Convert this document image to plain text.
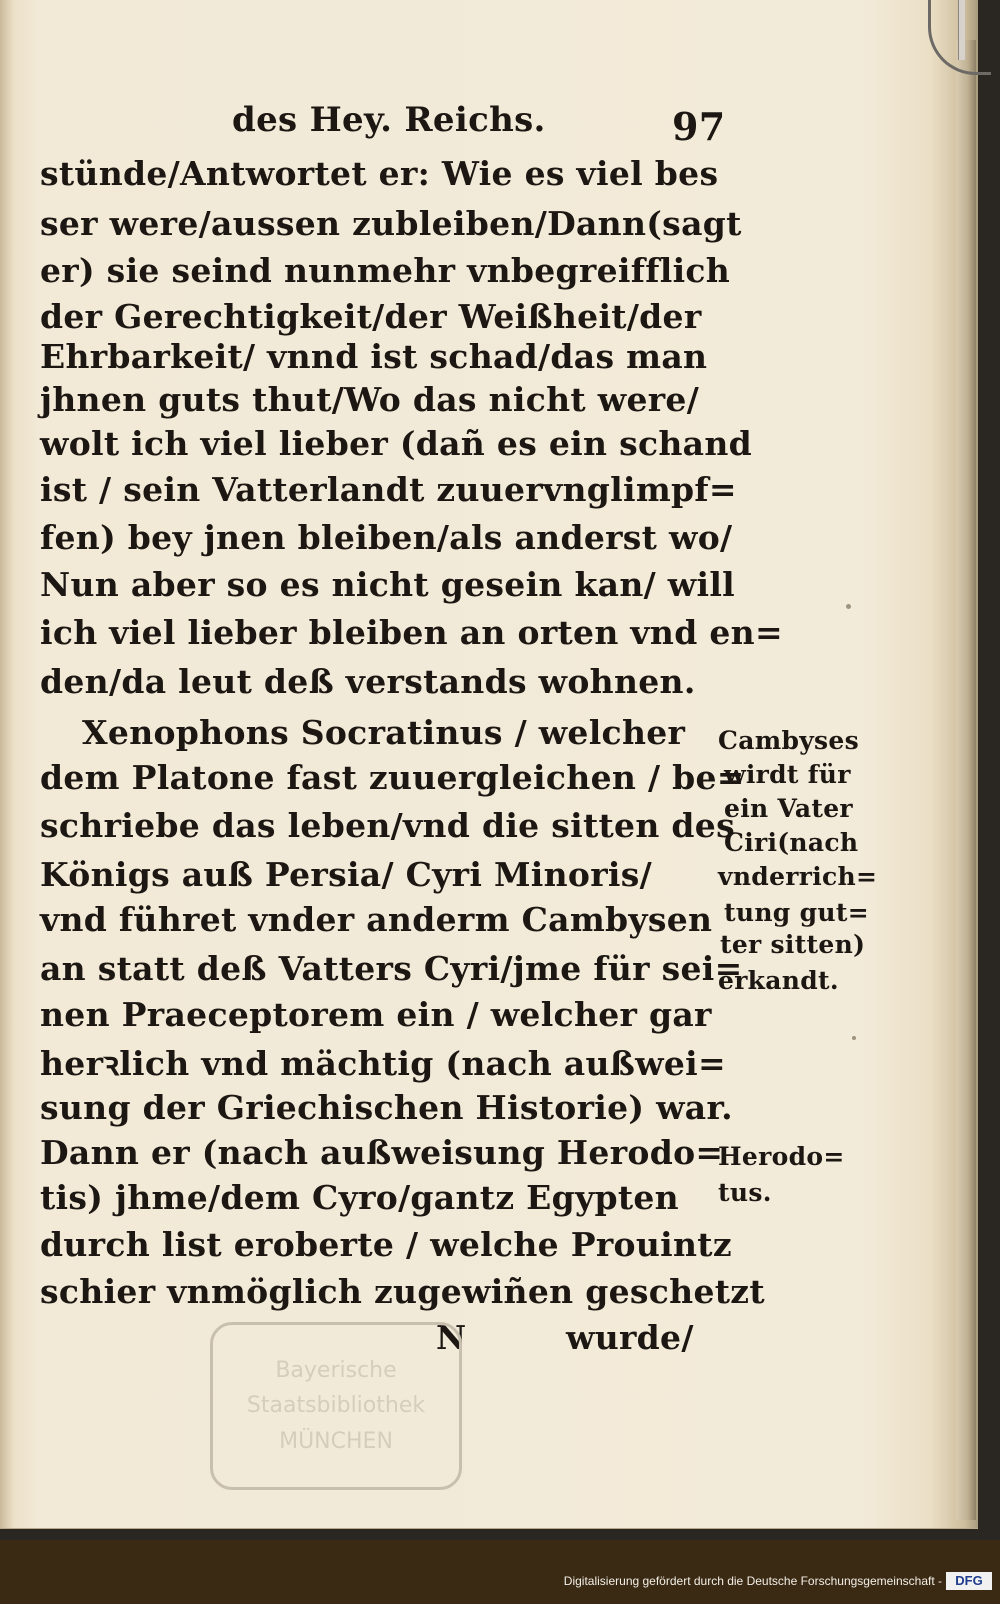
des Hey. Reichs.	97
stünde/Antwortet er: Wie es viel bes
ser were/aussen zubleiben/Dann(sagt
er) sie seind nunmehr vnbegreifflich
der Gerechtigkeit/der Weißheit/der
Ehrbarkeit/ vnnd ist schad/das man
jhnen guts thut/Wo das nicht were/
wolt ich viel lieber (dañ es ein schand
ist / sein Vatterlandt zuuervnglimpf=
fen) bey jnen bleiben/als anderst wo/
Nun aber so es nicht gesein kan/ will
ich viel lieber bleiben an orten vnd en=
den/da leut deß verstands wohnen.
Xenophons Socratinus / welcher
dem Platone fast zuuergleichen / be=
schriebe das leben/vnd die sitten des
Königs auß Persia/ Cyri Minoris/
vnd führet vnder anderm Cambysen
an statt deß Vatters Cyri/jme für sei=
nen Praeceptorem ein / welcher gar
herꝛlich vnd mächtig (nach außwei=
sung der Griechischen Historie) war.
Dann er (nach außweisung Herodo=
tis) jhme/dem Cyro/gantz Egypten
durch list eroberte / welche Prouintz
schier vnmöglich zugewiñen geschetzt
N	wurde/
Cambyses
wirdt für
ein Vater
Ciri(nach
vnderrich=
tung gut=
ter sitten)
erkandt.
Herodo=
tus.
Bayerische
Staatsbibliothek
MÜNCHEN
Digitalisierung gefördert durch die Deutsche Forschungsgemeinschaft -	DFG
